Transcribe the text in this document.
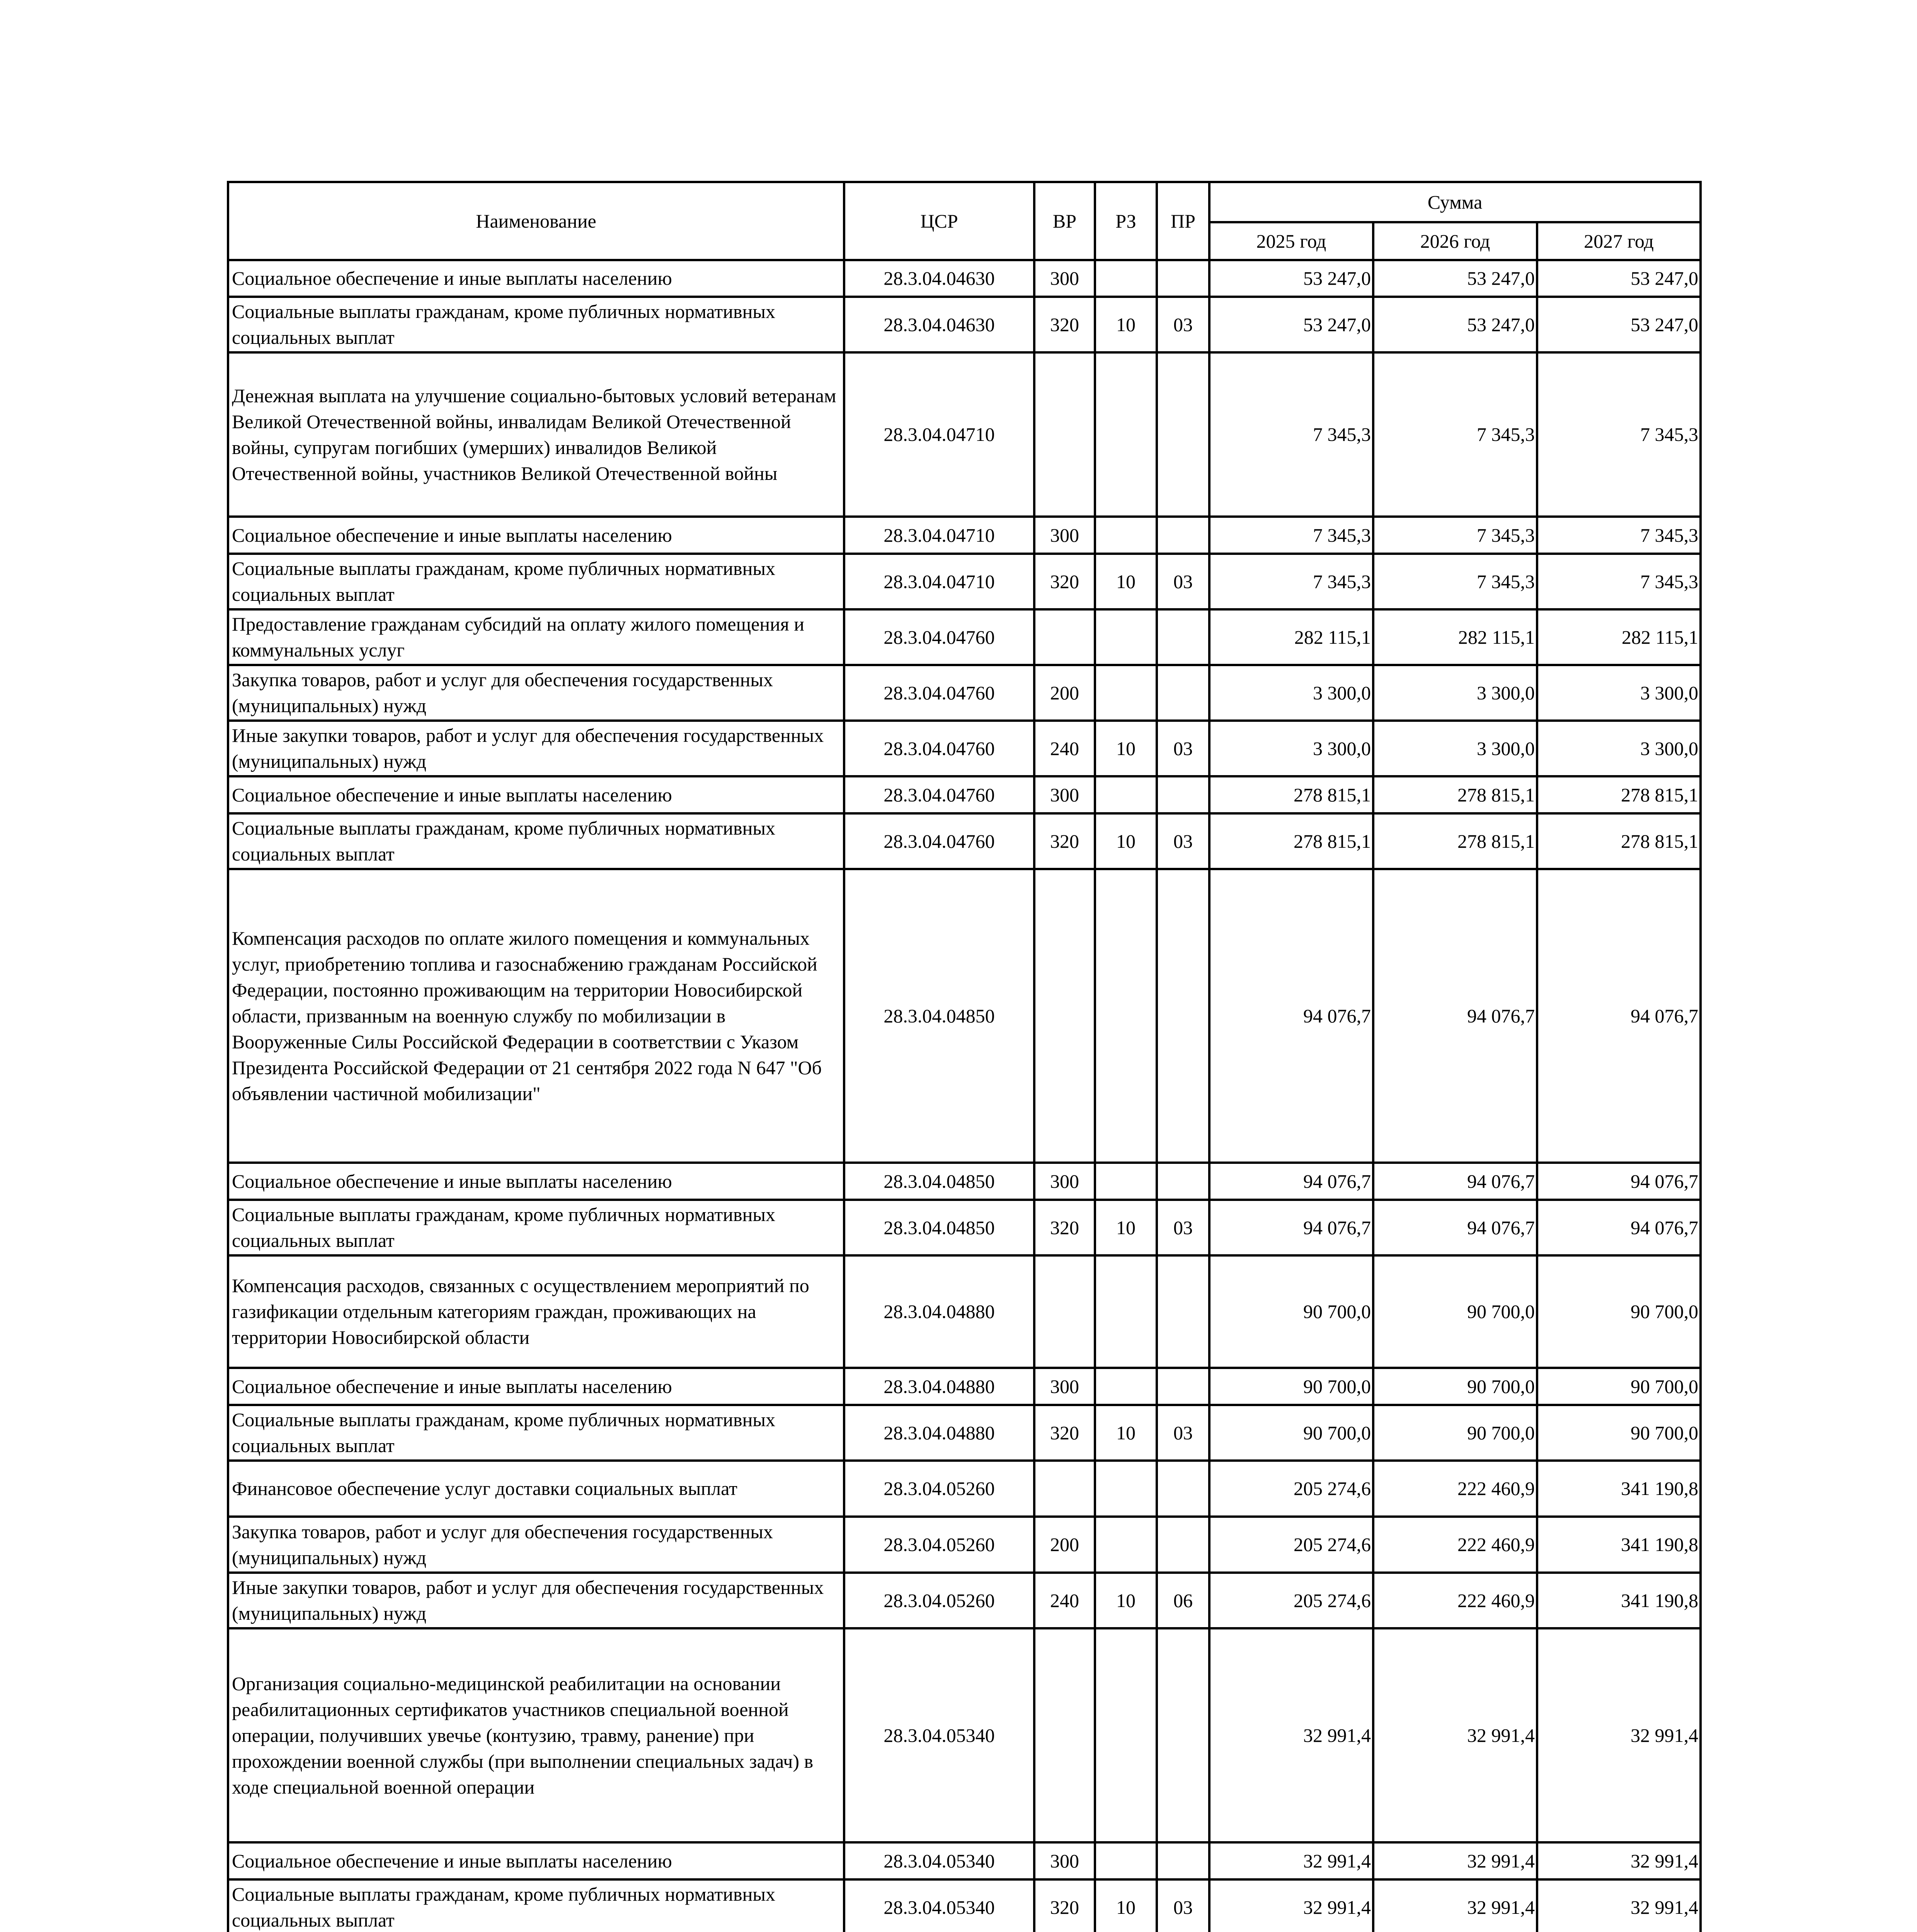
Наименование	ЦСР	ВР	РЗ	ПР	Сумма		
					2025 год	2026 год	2027 год
Социальное обеспечение и иные выплаты населению	28.3.04.04630	300			53 247,0	53 247,0	53 247,0
Социальные выплаты гражданам, кроме публичных нормативных социальных выплат	28.3.04.04630	320	10	03	53 247,0	53 247,0	53 247,0
Денежная выплата на улучшение социально-бытовых условий ветеранам Великой Отечественной войны, инвалидам Великой Отечественной войны, супругам погибших (умерших) инвалидов Великой Отечественной войны, участников Великой Отечественной войны	28.3.04.04710				7 345,3	7 345,3	7 345,3
Социальное обеспечение и иные выплаты населению	28.3.04.04710	300			7 345,3	7 345,3	7 345,3
Социальные выплаты гражданам, кроме публичных нормативных социальных выплат	28.3.04.04710	320	10	03	7 345,3	7 345,3	7 345,3
Предоставление гражданам субсидий на оплату жилого помещения и коммунальных услуг	28.3.04.04760				282 115,1	282 115,1	282 115,1
Закупка товаров, работ и услуг для обеспечения государственных (муниципальных) нужд	28.3.04.04760	200			3 300,0	3 300,0	3 300,0
Иные закупки товаров, работ и услуг для обеспечения государственных (муниципальных) нужд	28.3.04.04760	240	10	03	3 300,0	3 300,0	3 300,0
Социальное обеспечение и иные выплаты населению	28.3.04.04760	300			278 815,1	278 815,1	278 815,1
Социальные выплаты гражданам, кроме публичных нормативных социальных выплат	28.3.04.04760	320	10	03	278 815,1	278 815,1	278 815,1
Компенсация расходов по оплате жилого помещения и коммунальных услуг, приобретению топлива и газоснабжению гражданам Российской Федерации, постоянно проживающим на территории Новосибирской области, призванным на военную службу по мобилизации в Вооруженные Силы Российской Федерации в соответствии с Указом Президента Российской Федерации от 21 сентября 2022 года N 647 "Об объявлении частичной мобилизации"	28.3.04.04850				94 076,7	94 076,7	94 076,7
Социальное обеспечение и иные выплаты населению	28.3.04.04850	300			94 076,7	94 076,7	94 076,7
Социальные выплаты гражданам, кроме публичных нормативных социальных выплат	28.3.04.04850	320	10	03	94 076,7	94 076,7	94 076,7
Компенсация расходов, связанных с осуществлением мероприятий по газификации отдельным категориям граждан, проживающих на территории Новосибирской области	28.3.04.04880				90 700,0	90 700,0	90 700,0
Социальное обеспечение и иные выплаты населению	28.3.04.04880	300			90 700,0	90 700,0	90 700,0
Социальные выплаты гражданам, кроме публичных нормативных социальных выплат	28.3.04.04880	320	10	03	90 700,0	90 700,0	90 700,0
Финансовое обеспечение услуг доставки социальных выплат	28.3.04.05260				205 274,6	222 460,9	341 190,8
Закупка товаров, работ и услуг для обеспечения государственных (муниципальных) нужд	28.3.04.05260	200			205 274,6	222 460,9	341 190,8
Иные закупки товаров, работ и услуг для обеспечения государственных (муниципальных) нужд	28.3.04.05260	240	10	06	205 274,6	222 460,9	341 190,8
Организация социально-медицинской реабилитации на основании реабилитационных сертификатов участников специальной военной операции, получивших увечье (контузию, травму, ранение) при прохождении военной службы (при выполнении специальных задач) в ходе специальной военной операции	28.3.04.05340				32 991,4	32 991,4	32 991,4
Социальное обеспечение и иные выплаты населению	28.3.04.05340	300			32 991,4	32 991,4	32 991,4
Социальные выплаты гражданам, кроме публичных нормативных социальных выплат	28.3.04.05340	320	10	03	32 991,4	32 991,4	32 991,4
